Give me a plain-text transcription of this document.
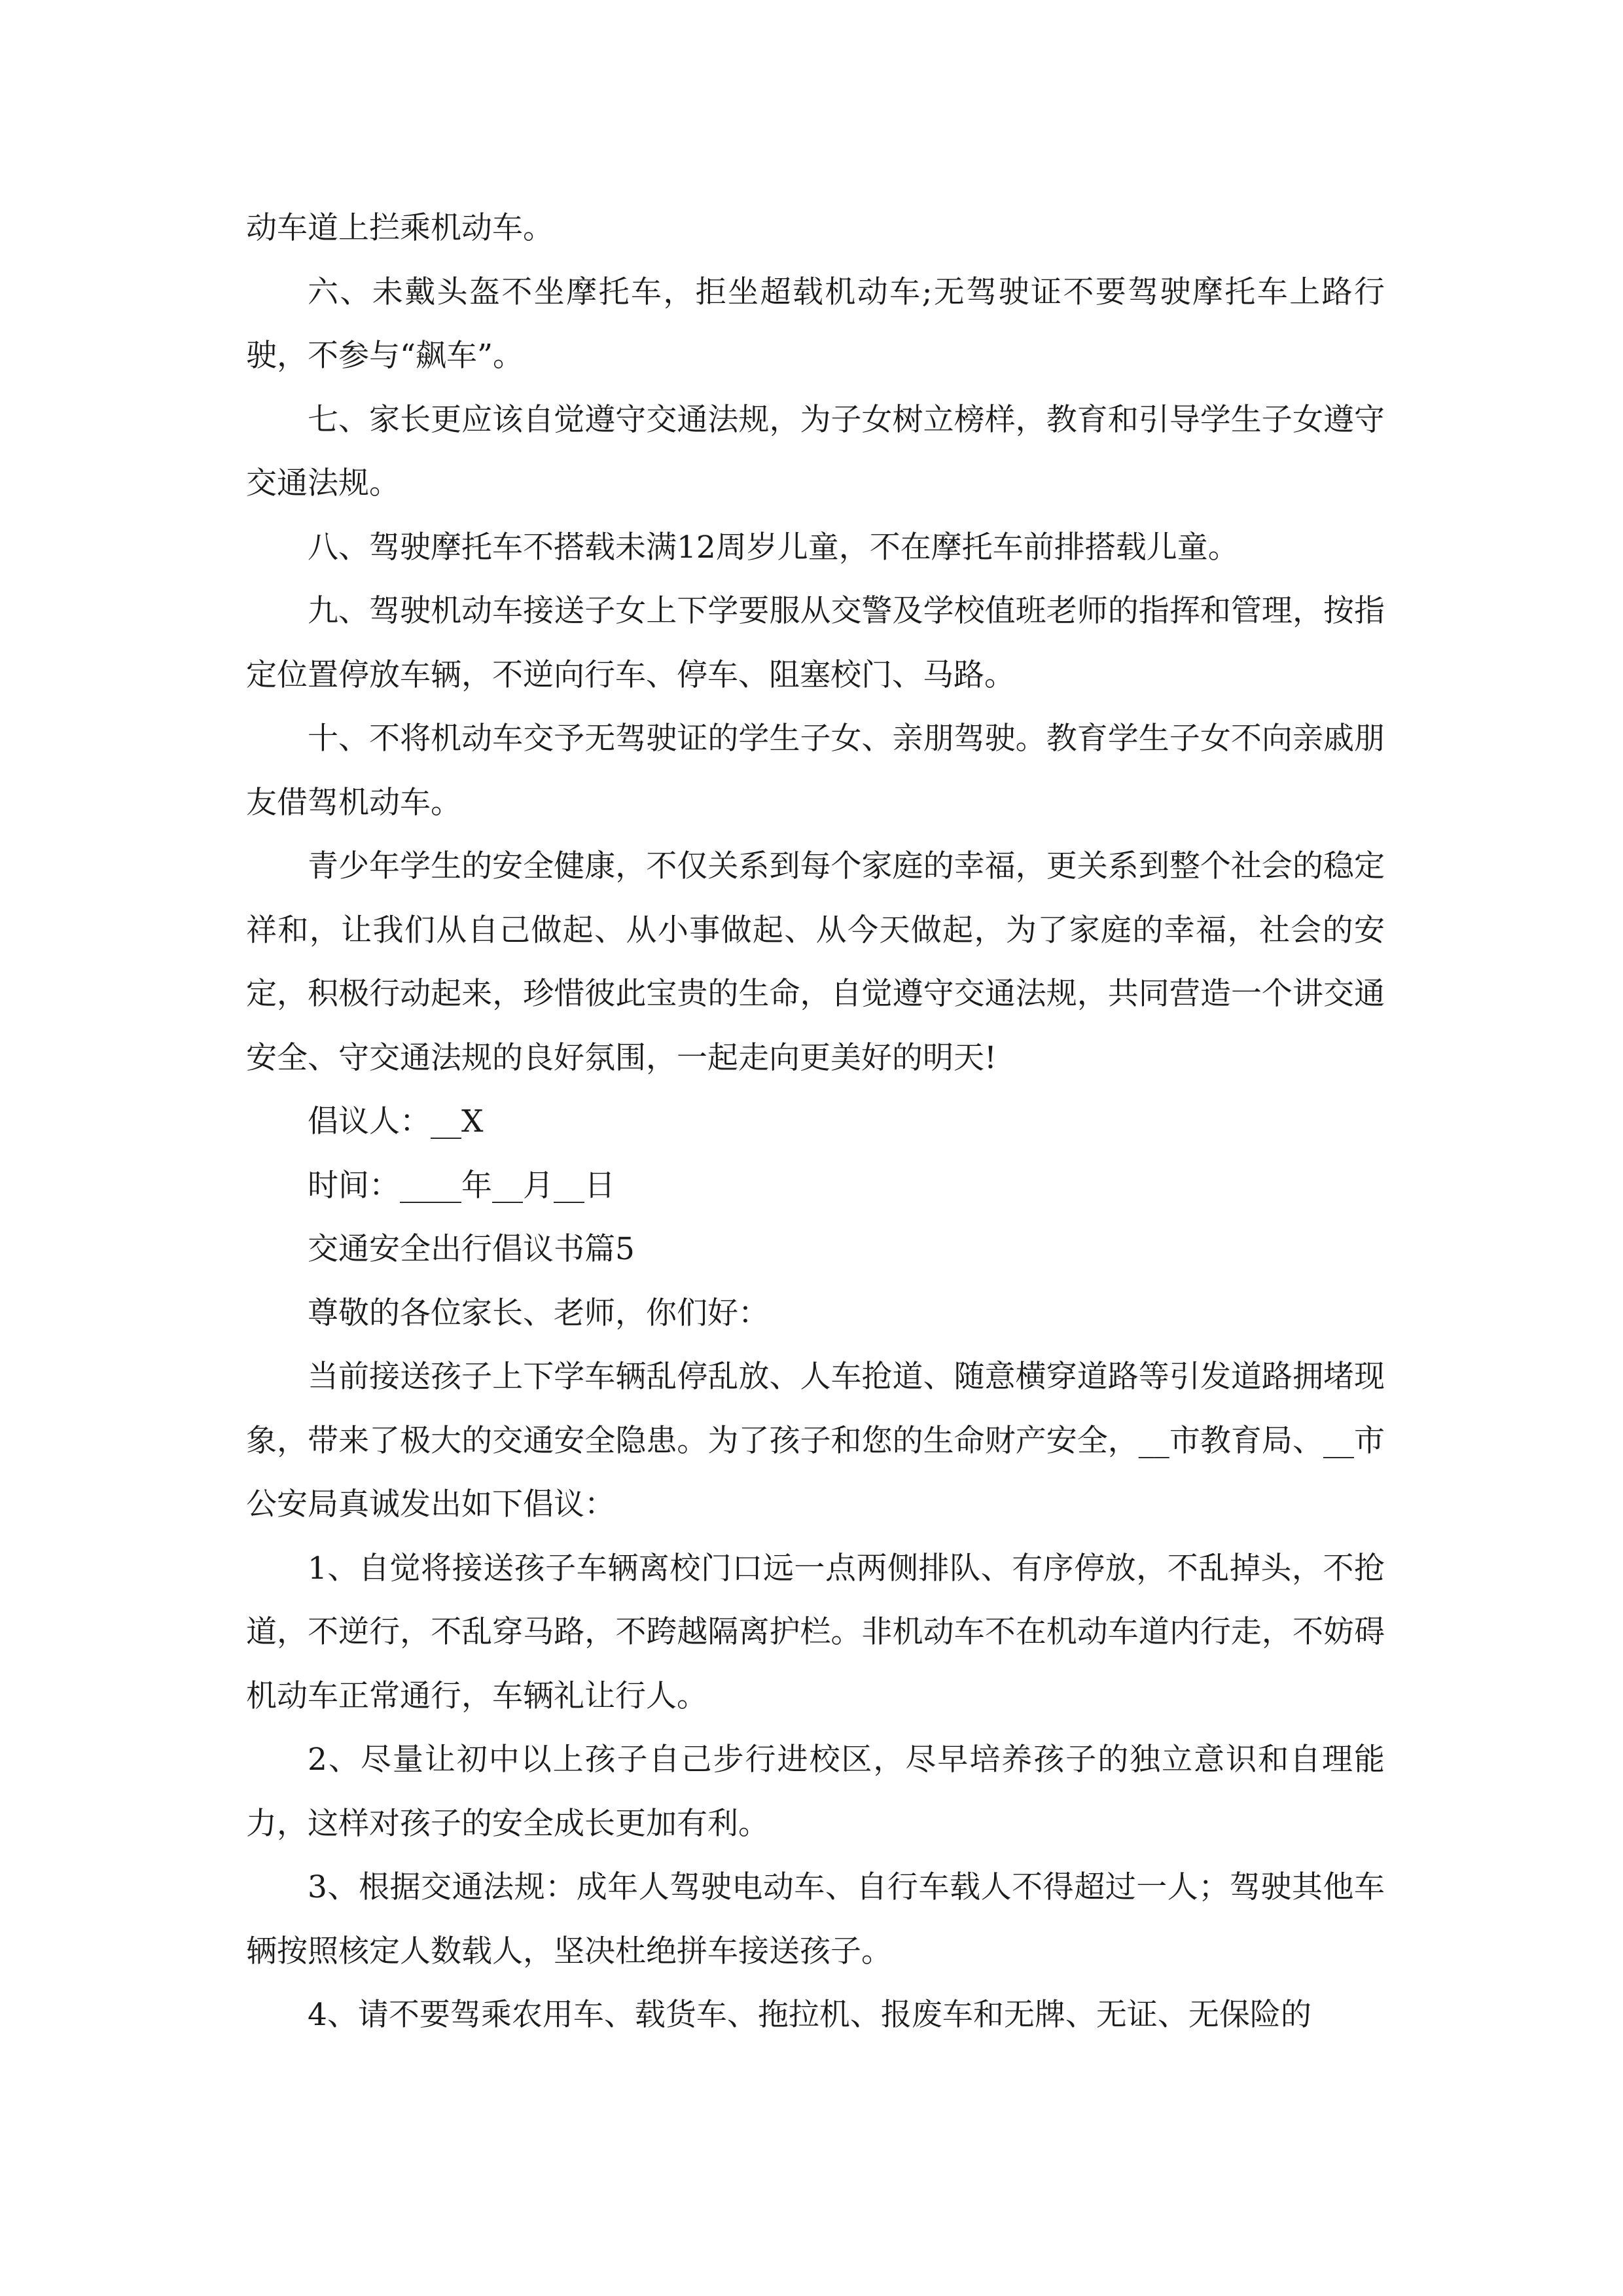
动车道上拦乘机动车。

六、未戴头盔不坐摩托车，拒坐超载机动车;无驾驶证不要驾驶摩托车上路行驶，不参与“飙车”。

七、家长更应该自觉遵守交通法规，为子女树立榜样，教育和引导学生子女遵守交通法规。

八、驾驶摩托车不搭载未满12周岁儿童，不在摩托车前排搭载儿童。

九、驾驶机动车接送子女上下学要服从交警及学校值班老师的指挥和管理，按指定位置停放车辆，不逆向行车、停车、阻塞校门、马路。

十、不将机动车交予无驾驶证的学生子女、亲朋驾驶。教育学生子女不向亲戚朋友借驾机动车。

青少年学生的安全健康，不仅关系到每个家庭的幸福，更关系到整个社会的稳定祥和，让我们从自己做起、从小事做起、从今天做起，为了家庭的幸福，社会的安定，积极行动起来，珍惜彼此宝贵的生命，自觉遵守交通法规，共同营造一个讲交通安全、守交通法规的良好氛围，一起走向更美好的明天!

倡议人：__X

时间：____年__月__日

交通安全出行倡议书篇5

尊敬的各位家长、老师，你们好：

当前接送孩子上下学车辆乱停乱放、人车抢道、随意横穿道路等引发道路拥堵现象，带来了极大的交通安全隐患。为了孩子和您的生命财产安全，__市教育局、__市公安局真诚发出如下倡议：

1、自觉将接送孩子车辆离校门口远一点两侧排队、有序停放，不乱掉头，不抢道，不逆行，不乱穿马路，不跨越隔离护栏。非机动车不在机动车道内行走，不妨碍机动车正常通行，车辆礼让行人。

2、尽量让初中以上孩子自己步行进校区，尽早培养孩子的独立意识和自理能力，这样对孩子的安全成长更加有利。

3、根据交通法规：成年人驾驶电动车、自行车载人不得超过一人；驾驶其他车辆按照核定人数载人，坚决杜绝拼车接送孩子。

4、请不要驾乘农用车、载货车、拖拉机、报废车和无牌、无证、无保险的
